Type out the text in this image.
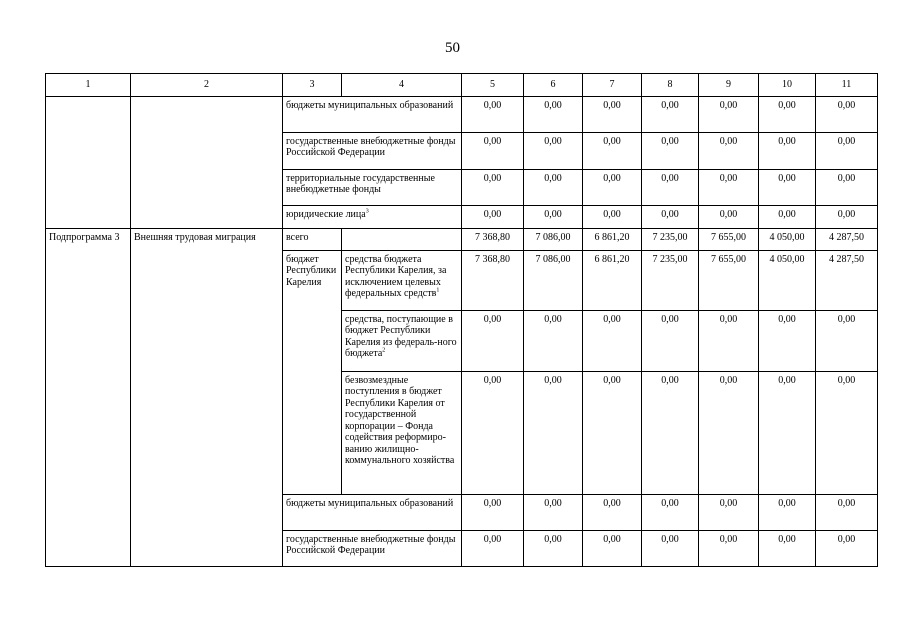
50
1	2	3	4	5	6	7	8	9	10	11
		бюджеты муниципальных образований		0,00	0,00	0,00	0,00	0,00	0,00	0,00
		государственные внебюджетные фонды Российской Федерации		0,00	0,00	0,00	0,00	0,00	0,00	0,00
		территориальные государственные внебюджетные фонды		0,00	0,00	0,00	0,00	0,00	0,00	0,00
		юридические лица$^3$		0,00	0,00	0,00	0,00	0,00	0,00	0,00
Подпрограмма 3	Внешняя трудовая миграция	всего		7 368,80	7 086,00	6 861,20	7 235,00	7 655,00	4 050,00	4 287,50
		бюджет Республики Карелия	средства бюджета Республики Карелия, за исключением целевых федеральных средств$^1$	7 368,80	7 086,00	6 861,20	7 235,00	7 655,00	4 050,00	4 287,50
			средства, поступающие в бюджет Республики Карелия из федераль-ного бюджета$^2$	0,00	0,00	0,00	0,00	0,00	0,00	0,00
			безвозмездные поступления в бюджет Республики Карелия от государственной корпорации – Фонда содействия реформиро-ванию жилищно-коммунального хозяйства	0,00	0,00	0,00	0,00	0,00	0,00	0,00
		бюджеты муниципальных образований		0,00	0,00	0,00	0,00	0,00	0,00	0,00
		государственные внебюджетные фонды Российской Федерации		0,00	0,00	0,00	0,00	0,00	0,00	0,00
